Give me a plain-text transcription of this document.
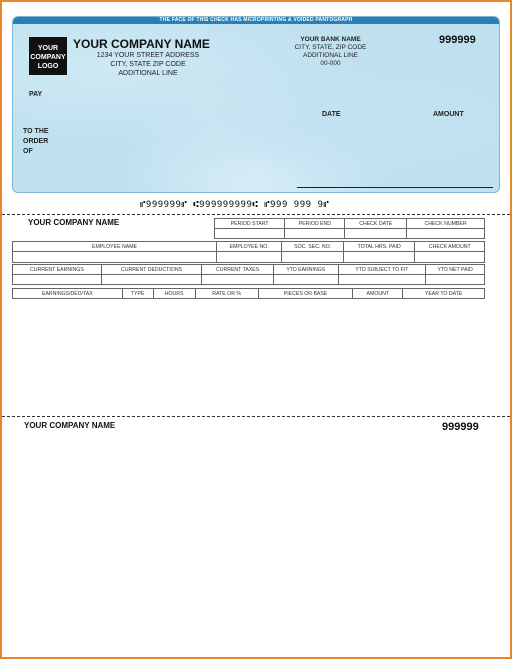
THE FACE OF THIS CHECK HAS MICROPRINTING & VOIDED PANTOGRAPH
YOUR COMPANY LOGO
YOUR COMPANY NAME
1234 YOUR STREET ADDRESS
CITY, STATE ZIP CODE
ADDITIONAL LINE
YOUR BANK NAME
CITY, STATE, ZIP CODE
ADDITIONAL LINE
00-000
999999
PAY
TO THE ORDER OF
DATE	AMOUNT
⑈999999⑈ ⑆999999999⑆ ⑈999 999 9⑈
YOUR COMPANY NAME	PERIOD START	PERIOD END	CHECK DATE	CHECK NUMBER

EMPLOYEE NAME	EMPLOYEE NO.	SOC. SEC. NO.	TOTAL HRS. PAID	CHECK AMOUNT

CURRENT EARNINGS	CURRENT DEDUCTIONS	CURRENT TAXES	YTD EARNINGS	YTD SUBJECT TO FIT	YTD NET PAID

EARNINGS/DED/TAX	TYPE	HOURS	RATE OR %	PIECES OR BASE	AMOUNT	YEAR TO DATE
YOUR COMPANY NAME	999999
